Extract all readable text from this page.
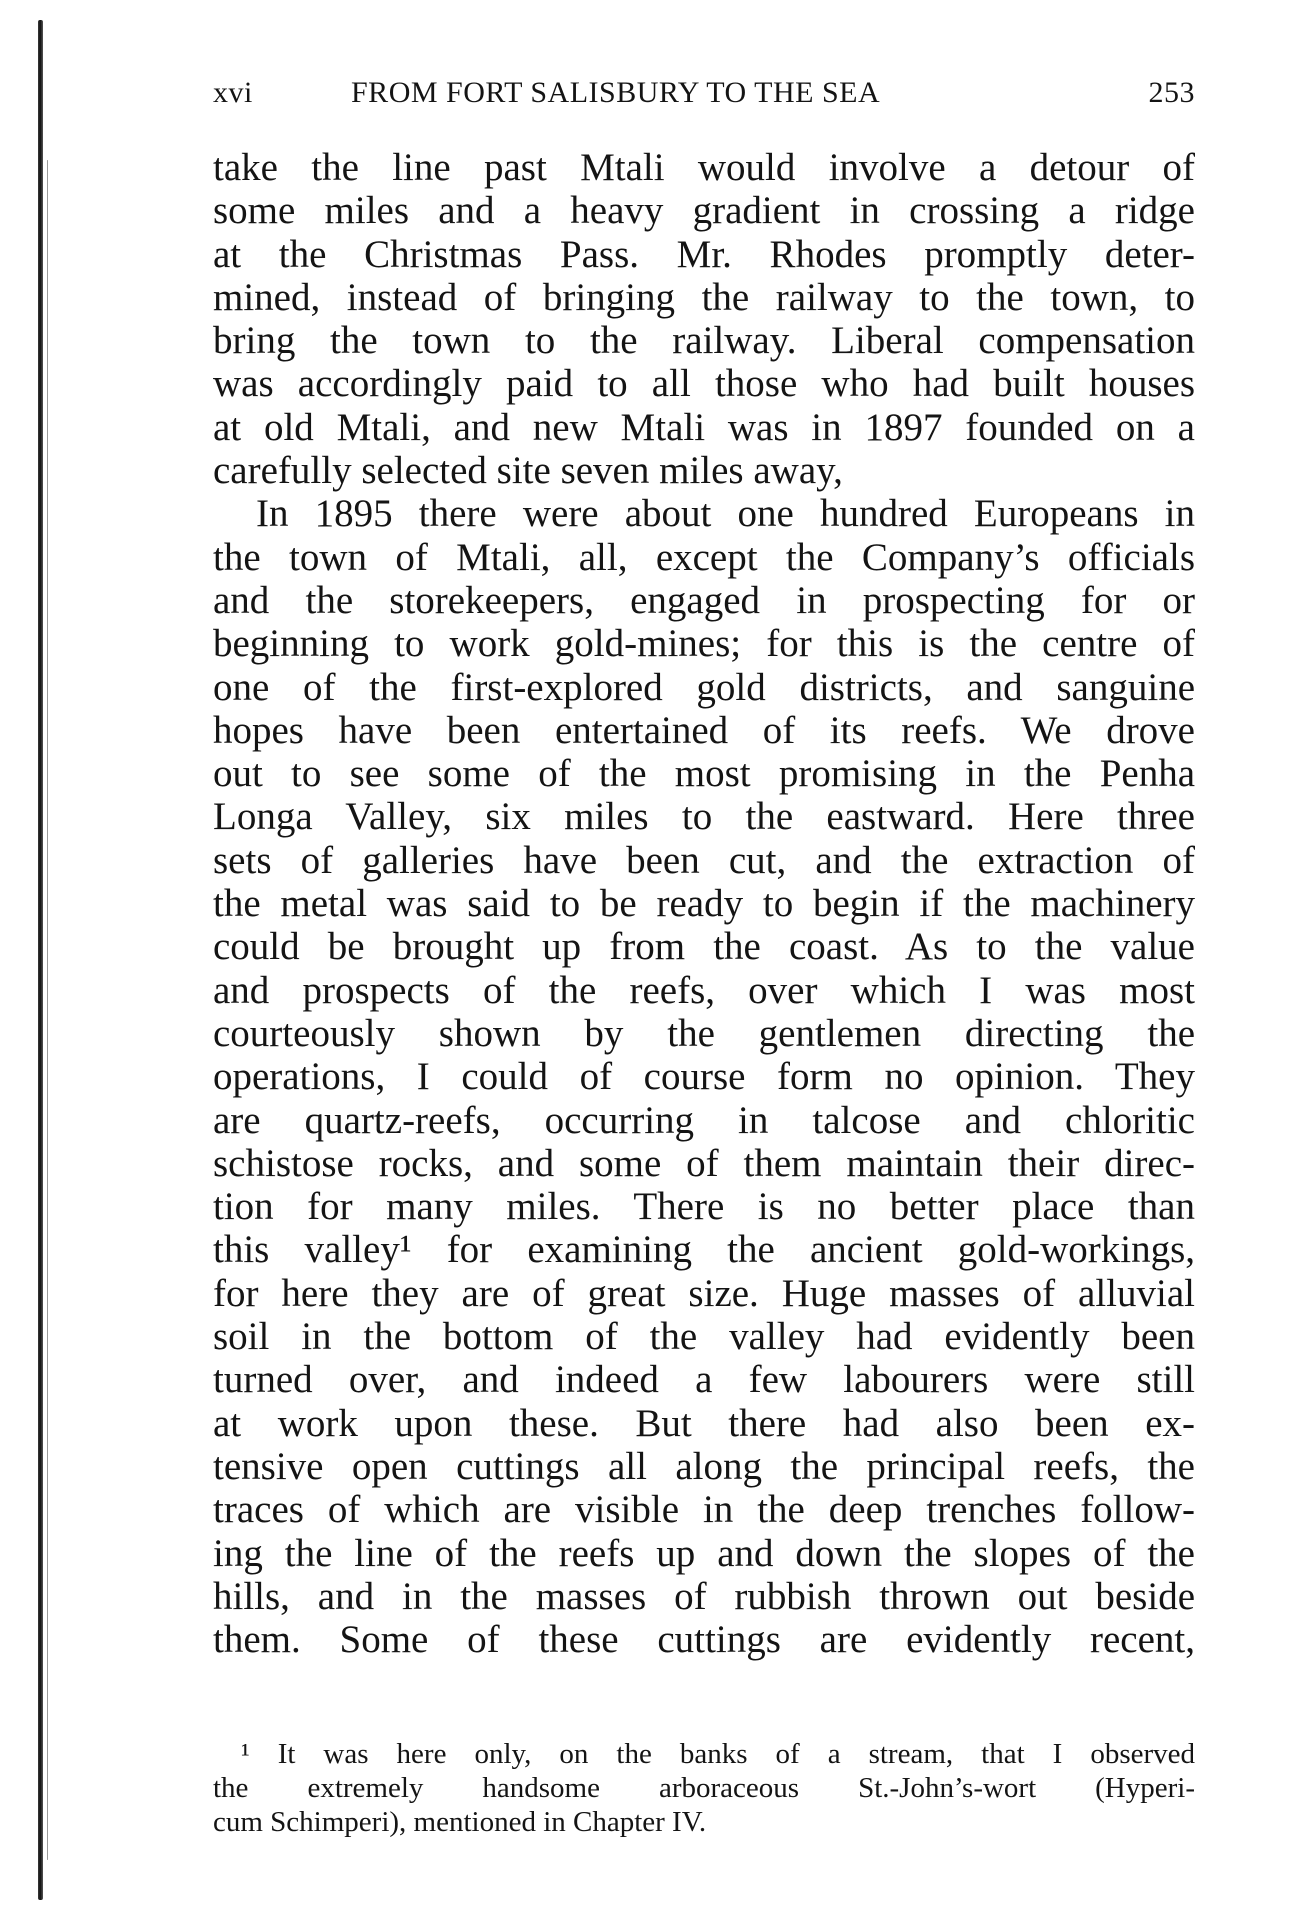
xvi	FROM FORT SALISBURY TO THE SEA	253
take the line past Mtali would involve a detour of
some miles and a heavy gradient in crossing a ridge
at the Christmas Pass. Mr. Rhodes promptly deter-
mined, instead of bringing the railway to the town, to
bring the town to the railway. Liberal compensation
was accordingly paid to all those who had built houses
at old Mtali, and new Mtali was in 1897 founded on a
carefully selected site seven miles away,
In 1895 there were about one hundred Europeans in
the town of Mtali, all, except the Company’s officials
and the storekeepers, engaged in prospecting for or
beginning to work gold-mines; for this is the centre of
one of the first-explored gold districts, and sanguine
hopes have been entertained of its reefs. We drove
out to see some of the most promising in the Penha
Longa Valley, six miles to the eastward. Here three
sets of galleries have been cut, and the extraction of
the metal was said to be ready to begin if the machinery
could be brought up from the coast. As to the value
and prospects of the reefs, over which I was most
courteously shown by the gentlemen directing the
operations, I could of course form no opinion. They
are quartz-reefs, occurring in talcose and chloritic
schistose rocks, and some of them maintain their direc-
tion for many miles. There is no better place than
this valley¹ for examining the ancient gold-workings,
for here they are of great size. Huge masses of alluvial
soil in the bottom of the valley had evidently been
turned over, and indeed a few labourers were still
at work upon these. But there had also been ex-
tensive open cuttings all along the principal reefs, the
traces of which are visible in the deep trenches follow-
ing the line of the reefs up and down the slopes of the
hills, and in the masses of rubbish thrown out beside
them. Some of these cuttings are evidently recent,
¹ It was here only, on the banks of a stream, that I observed
the extremely handsome arboraceous St.-John’s-wort (Hyperi-
cum Schimperi), mentioned in Chapter IV.
